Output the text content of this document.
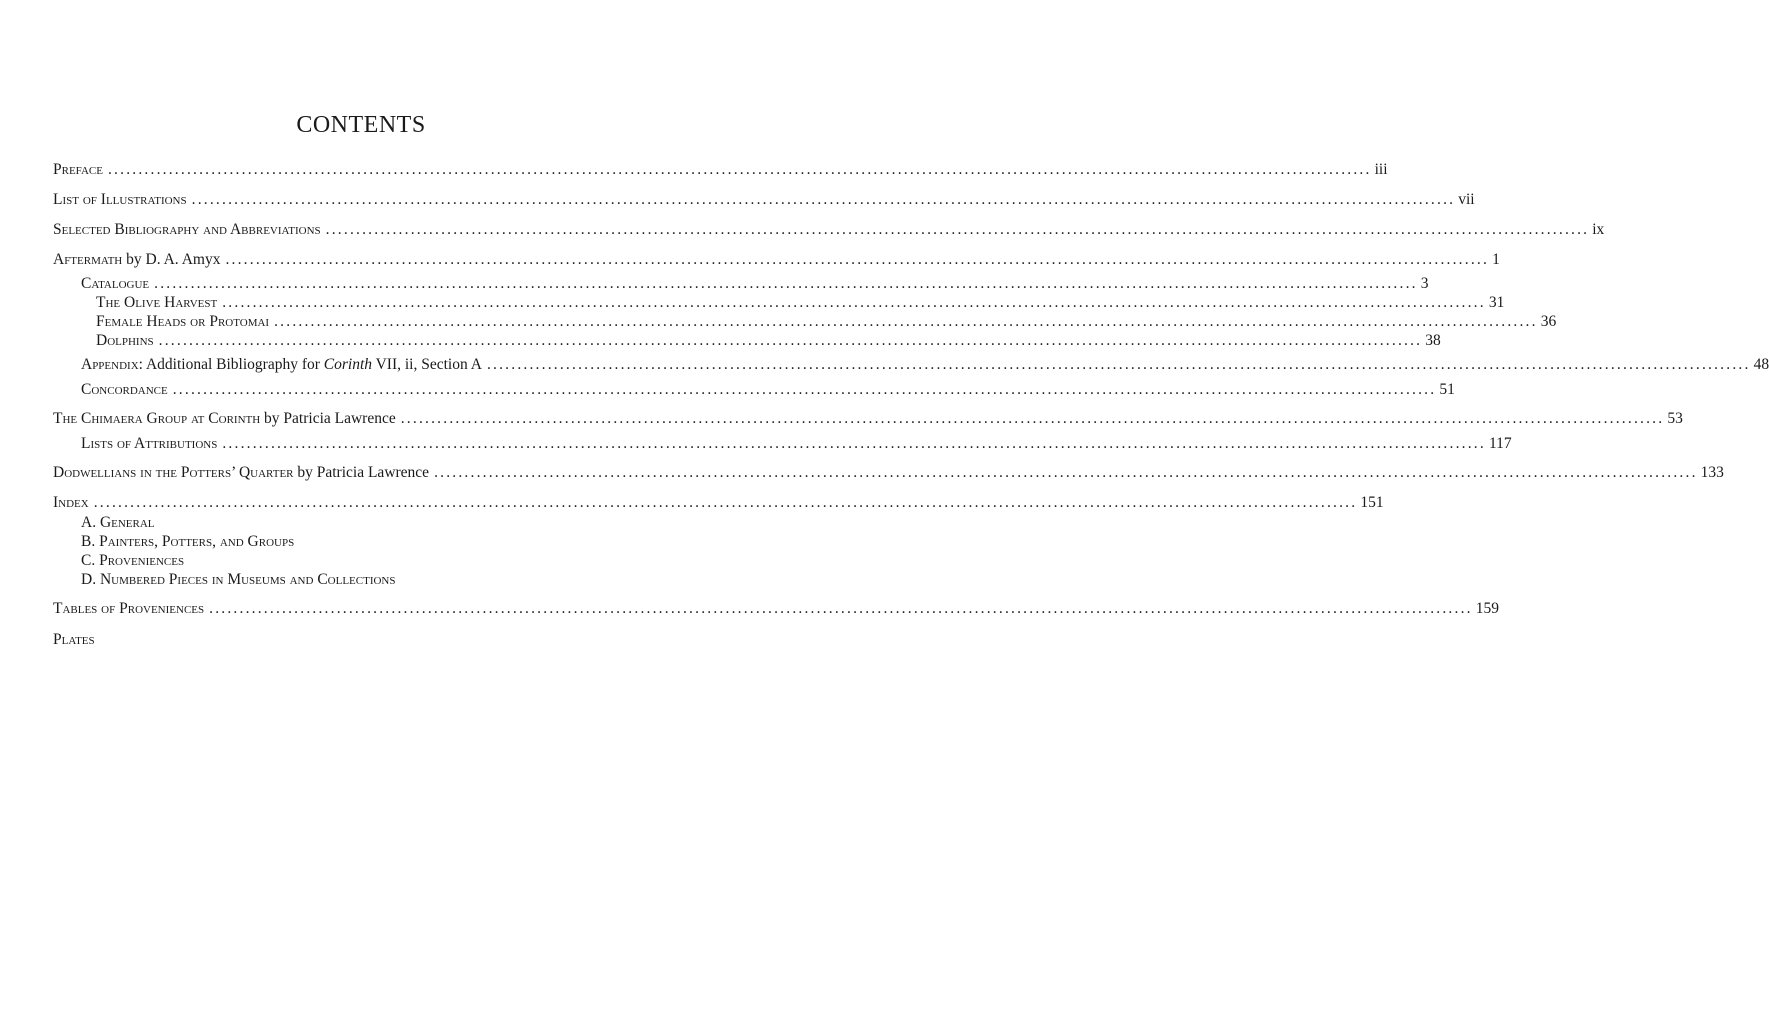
CONTENTS
Preface ................................................................................................................................................................................................................ iii
List of Illustrations ................................................................................................................................................................................................................ vii
Selected Bibliography and Abbreviations ................................................................................................................................................................................................................ ix
Aftermath by D. A. Amyx ................................................................................................................................................................................................................ 1
Catalogue ................................................................................................................................................................................................................ 3
The Olive Harvest ................................................................................................................................................................................................................ 31
Female Heads or Protomai ................................................................................................................................................................................................................ 36
Dolphins ................................................................................................................................................................................................................ 38
Appendix: Additional Bibliography for Corinth VII, ii, Section A ................................................................................................................................................................................................................ 48
Concordance ................................................................................................................................................................................................................ 51
The Chimaera Group at Corinth by Patricia Lawrence ................................................................................................................................................................................................................ 53
Lists of Attributions ................................................................................................................................................................................................................ 117
Dodwellians in the Potters’ Quarter by Patricia Lawrence ................................................................................................................................................................................................................ 133
Index ................................................................................................................................................................................................................ 151
A. General
B. Painters, Potters, and Groups
C. Proveniences
D. Numbered Pieces in Museums and Collections
Tables of Proveniences ................................................................................................................................................................................................................ 159
Plates
